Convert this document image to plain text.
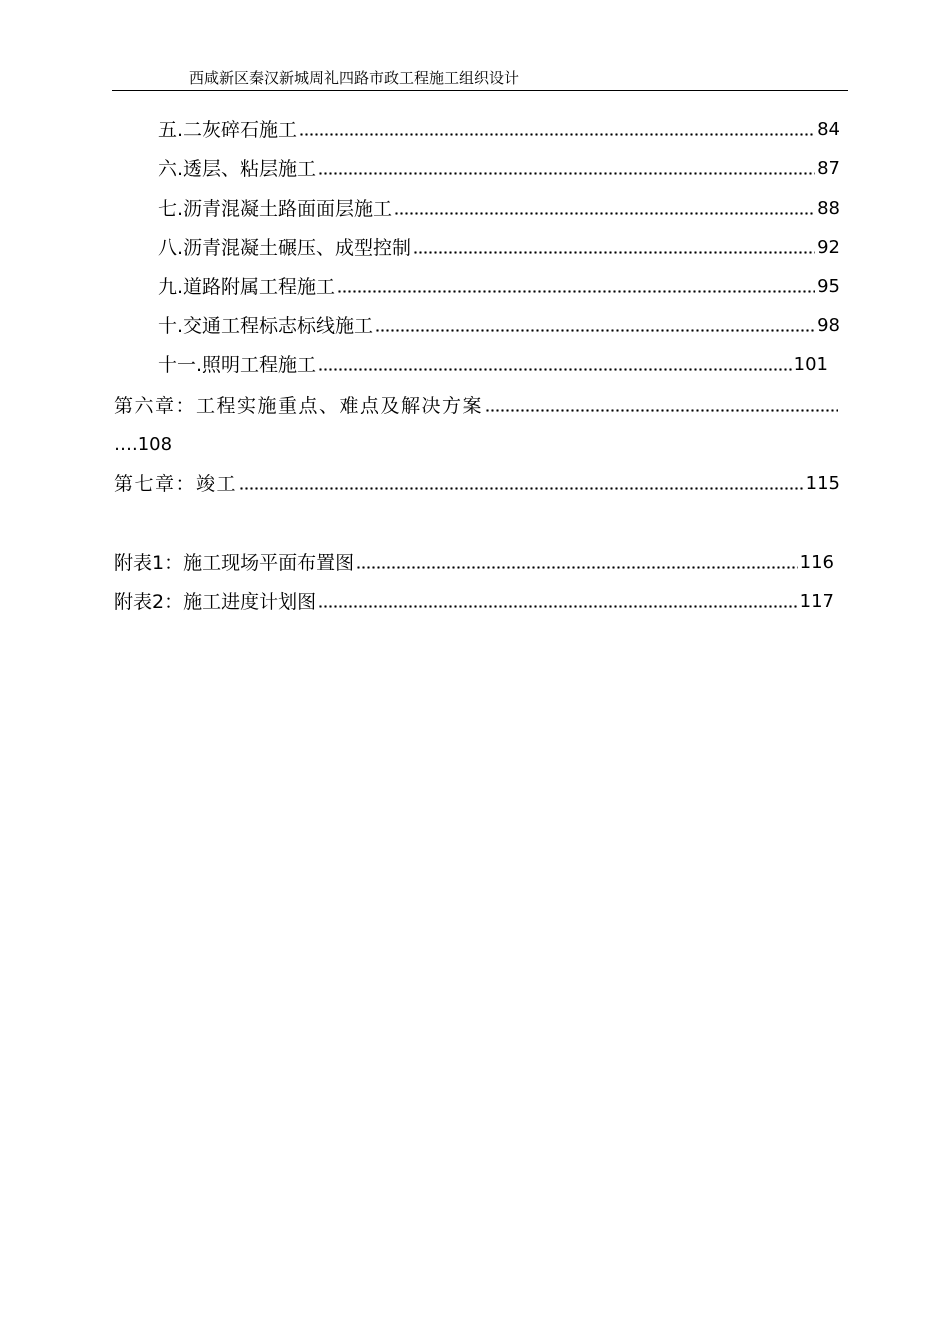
西咸新区秦汉新城周礼四路市政工程施工组织设计
五.二灰碎石施工	84
六.透层、粘层施工	87
七.沥青混凝土路面面层施工	88
八.沥青混凝土碾压、成型控制	92
九.道路附属工程施工	95
十.交通工程标志标线施工	98
十一.照明工程施工	101
第六章：工程实施重点、难点及解决方案
….108
第七章：竣工	115
附表1：施工现场平面布置图	116
附表2：施工进度计划图	117
